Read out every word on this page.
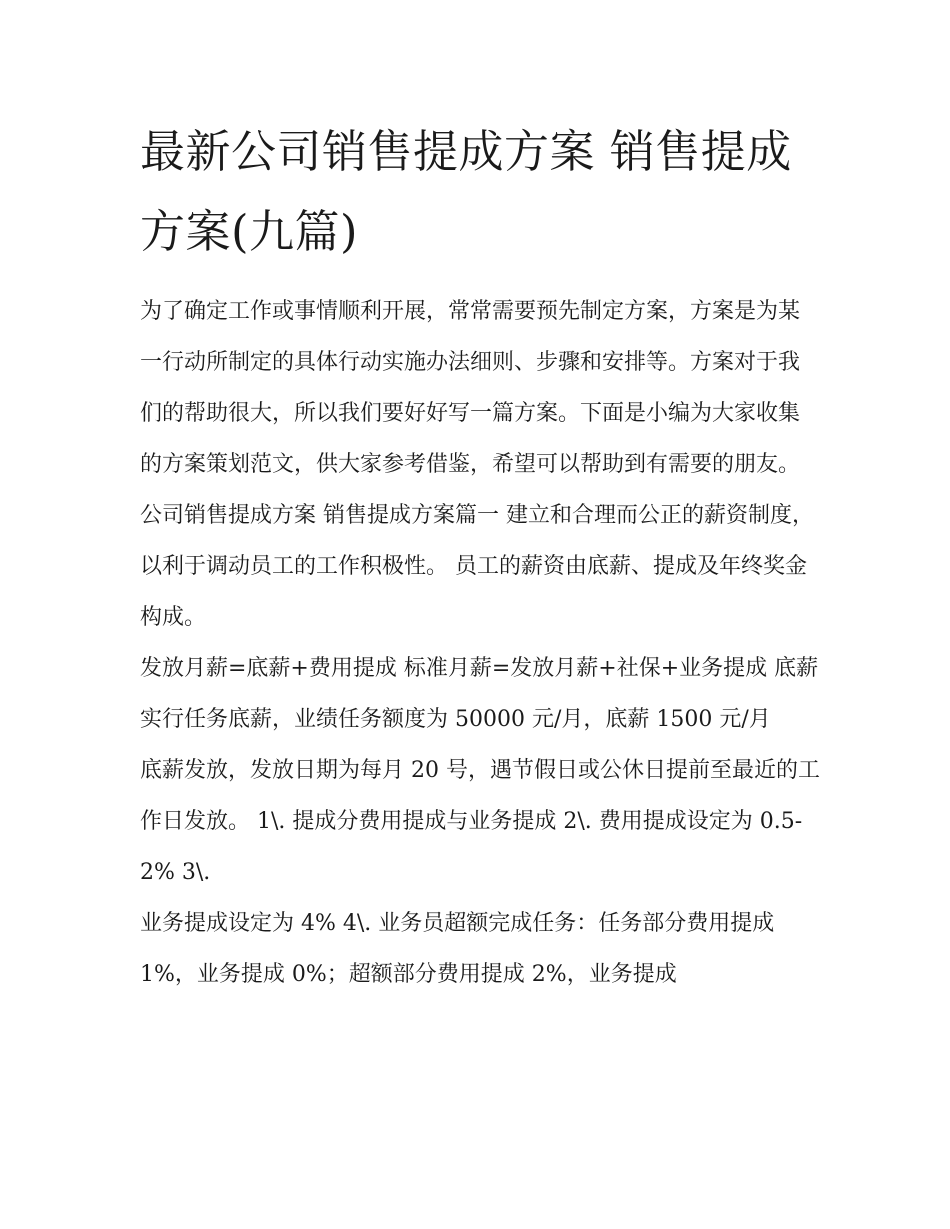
最新公司销售提成方案 销售提成方案(九篇)

为了确定工作或事情顺利开展，常常需要预先制定方案，方案是为某一行动所制定的具体行动实施办法细则、步骤和安排等。方案对于我们的帮助很大，所以我们要好好写一篇方案。下面是小编为大家收集的方案策划范文，供大家参考借鉴，希望可以帮助到有需要的朋友。

公司销售提成方案 销售提成方案篇一 建立和合理而公正的薪资制度，以利于调动员工的工作积极性。 员工的薪资由底薪、提成及年终奖金构成。

发放月薪=底薪+费用提成 标准月薪=发放月薪+社保+业务提成 底薪实行任务底薪，业绩任务额度为 50000 元/月，底薪 1500 元/月

底薪发放，发放日期为每月 20 号，遇节假日或公休日提前至最近的工作日发放。 1\. 提成分费用提成与业务提成 2\. 费用提成设定为 0.5-2% 3\.

业务提成设定为 4% 4\. 业务员超额完成任务：任务部分费用提成 1%，业务提成 0%；超额部分费用提成 2%，业务提成
